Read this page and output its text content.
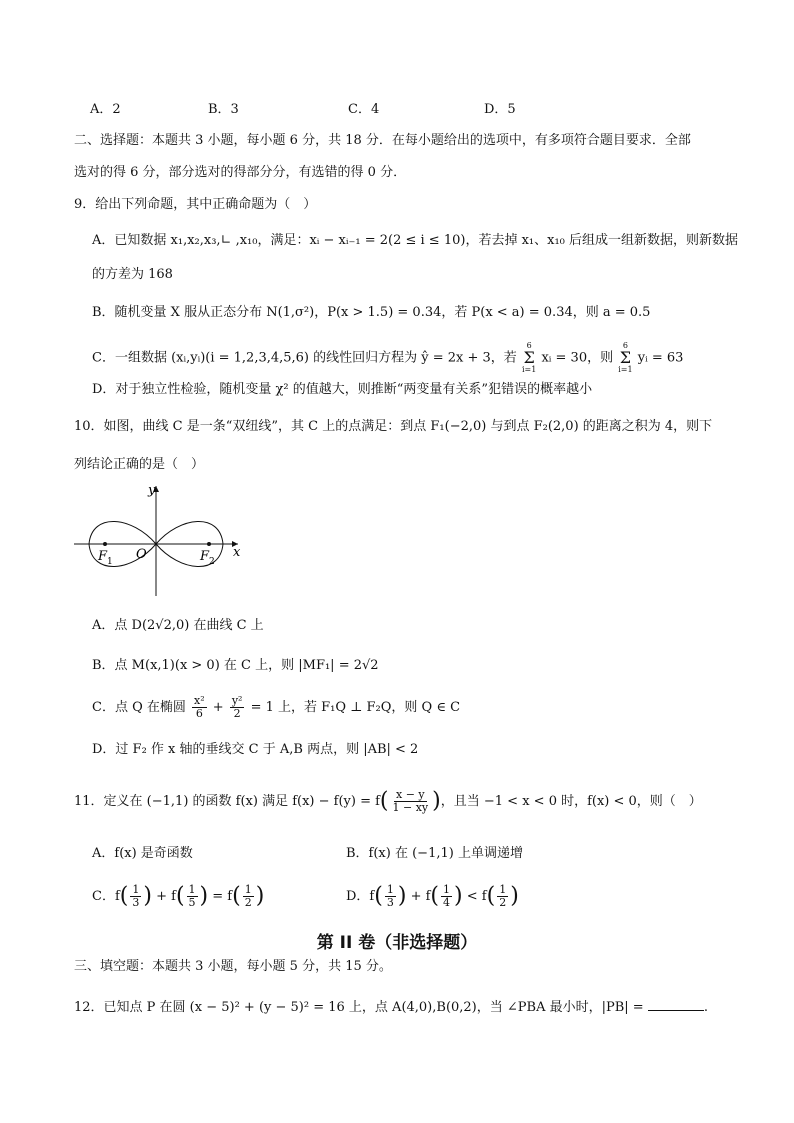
A．2	B．3	C．4	D．5
二、选择题：本题共 3 小题，每小题 6 分，共 18 分．在每小题给出的选项中，有多项符合题目要求．全部
选对的得 6 分，部分选对的得部分分，有选错的得 0 分．
9．给出下列命题，其中正确命题为（　）
A．已知数据 x₁,x₂,x₃,∟ ,x₁₀，满足：xᵢ − xᵢ₋₁ = 2(2 ≤ i ≤ 10)，若去掉 x₁、x₁₀ 后组成一组新数据，则新数据
的方差为 168
B．随机变量 X 服从正态分布 N(1,σ²)，P(x > 1.5) = 0.34，若 P(x < a) = 0.34，则 a = 0.5
C．一组数据 (xᵢ,yᵢ)(i = 1,2,3,4,5,6) 的线性回归方程为 ŷ = 2x + 3，若
6
Σ
i=1
xᵢ = 30，则
6
Σ
i=1
yᵢ = 63
D．对于独立性检验，随机变量 χ² 的值越大，则推断“两变量有关系”犯错误的概率越小
10．如图，曲线 C 是一条“双纽线”，其 C 上的点满足：到点 F₁(−2,0) 与到点 F₂(2,0) 的距离之积为 4，则下
列结论正确的是（　）
y
x
O
F 1	F 2
A．点 D(2√2,0) 在曲线 C 上
B．点 M(x,1)(x > 0) 在 C 上，则 |MF₁| = 2√2
C．点 Q 在椭圆 $\frac{\text{x²}}{6} + \frac{\text{y²}}{2} = 1$ 上，若 F₁Q ⊥ F₂Q，则 Q ∈ C
D．过 F₂ 作 x 轴的垂线交 C 于 A,B 两点，则 |AB| < 2
11．定义在 (−1,1) 的函数 f(x) 满足 $f(x) - f(y) = f( \frac{x - y}{1 - xy}$ )，且当 −1 < x < 0 时，f(x) < 0，则（　）
A．f(x) 是奇函数	B．f(x) 在 (−1,1) 上单调递增
C．$f( \frac{1}{3}$ ) + $f( \frac{1}{5}$ ) = $f( \frac{1}{2}$ )	D．$f( \frac{1}{3}$ ) + $f( \frac{1}{4}$ ) < $f( \frac{1}{2}$ )
第 II 卷（非选择题）
三、填空题：本题共 3 小题，每小题 5 分，共 15 分。
12．已知点 P 在圆 (x − 5)² + (y − 5)² = 16 上，点 A(4,0),B(0,2)，当 ∠PBA 最小时，|PB| =	.
